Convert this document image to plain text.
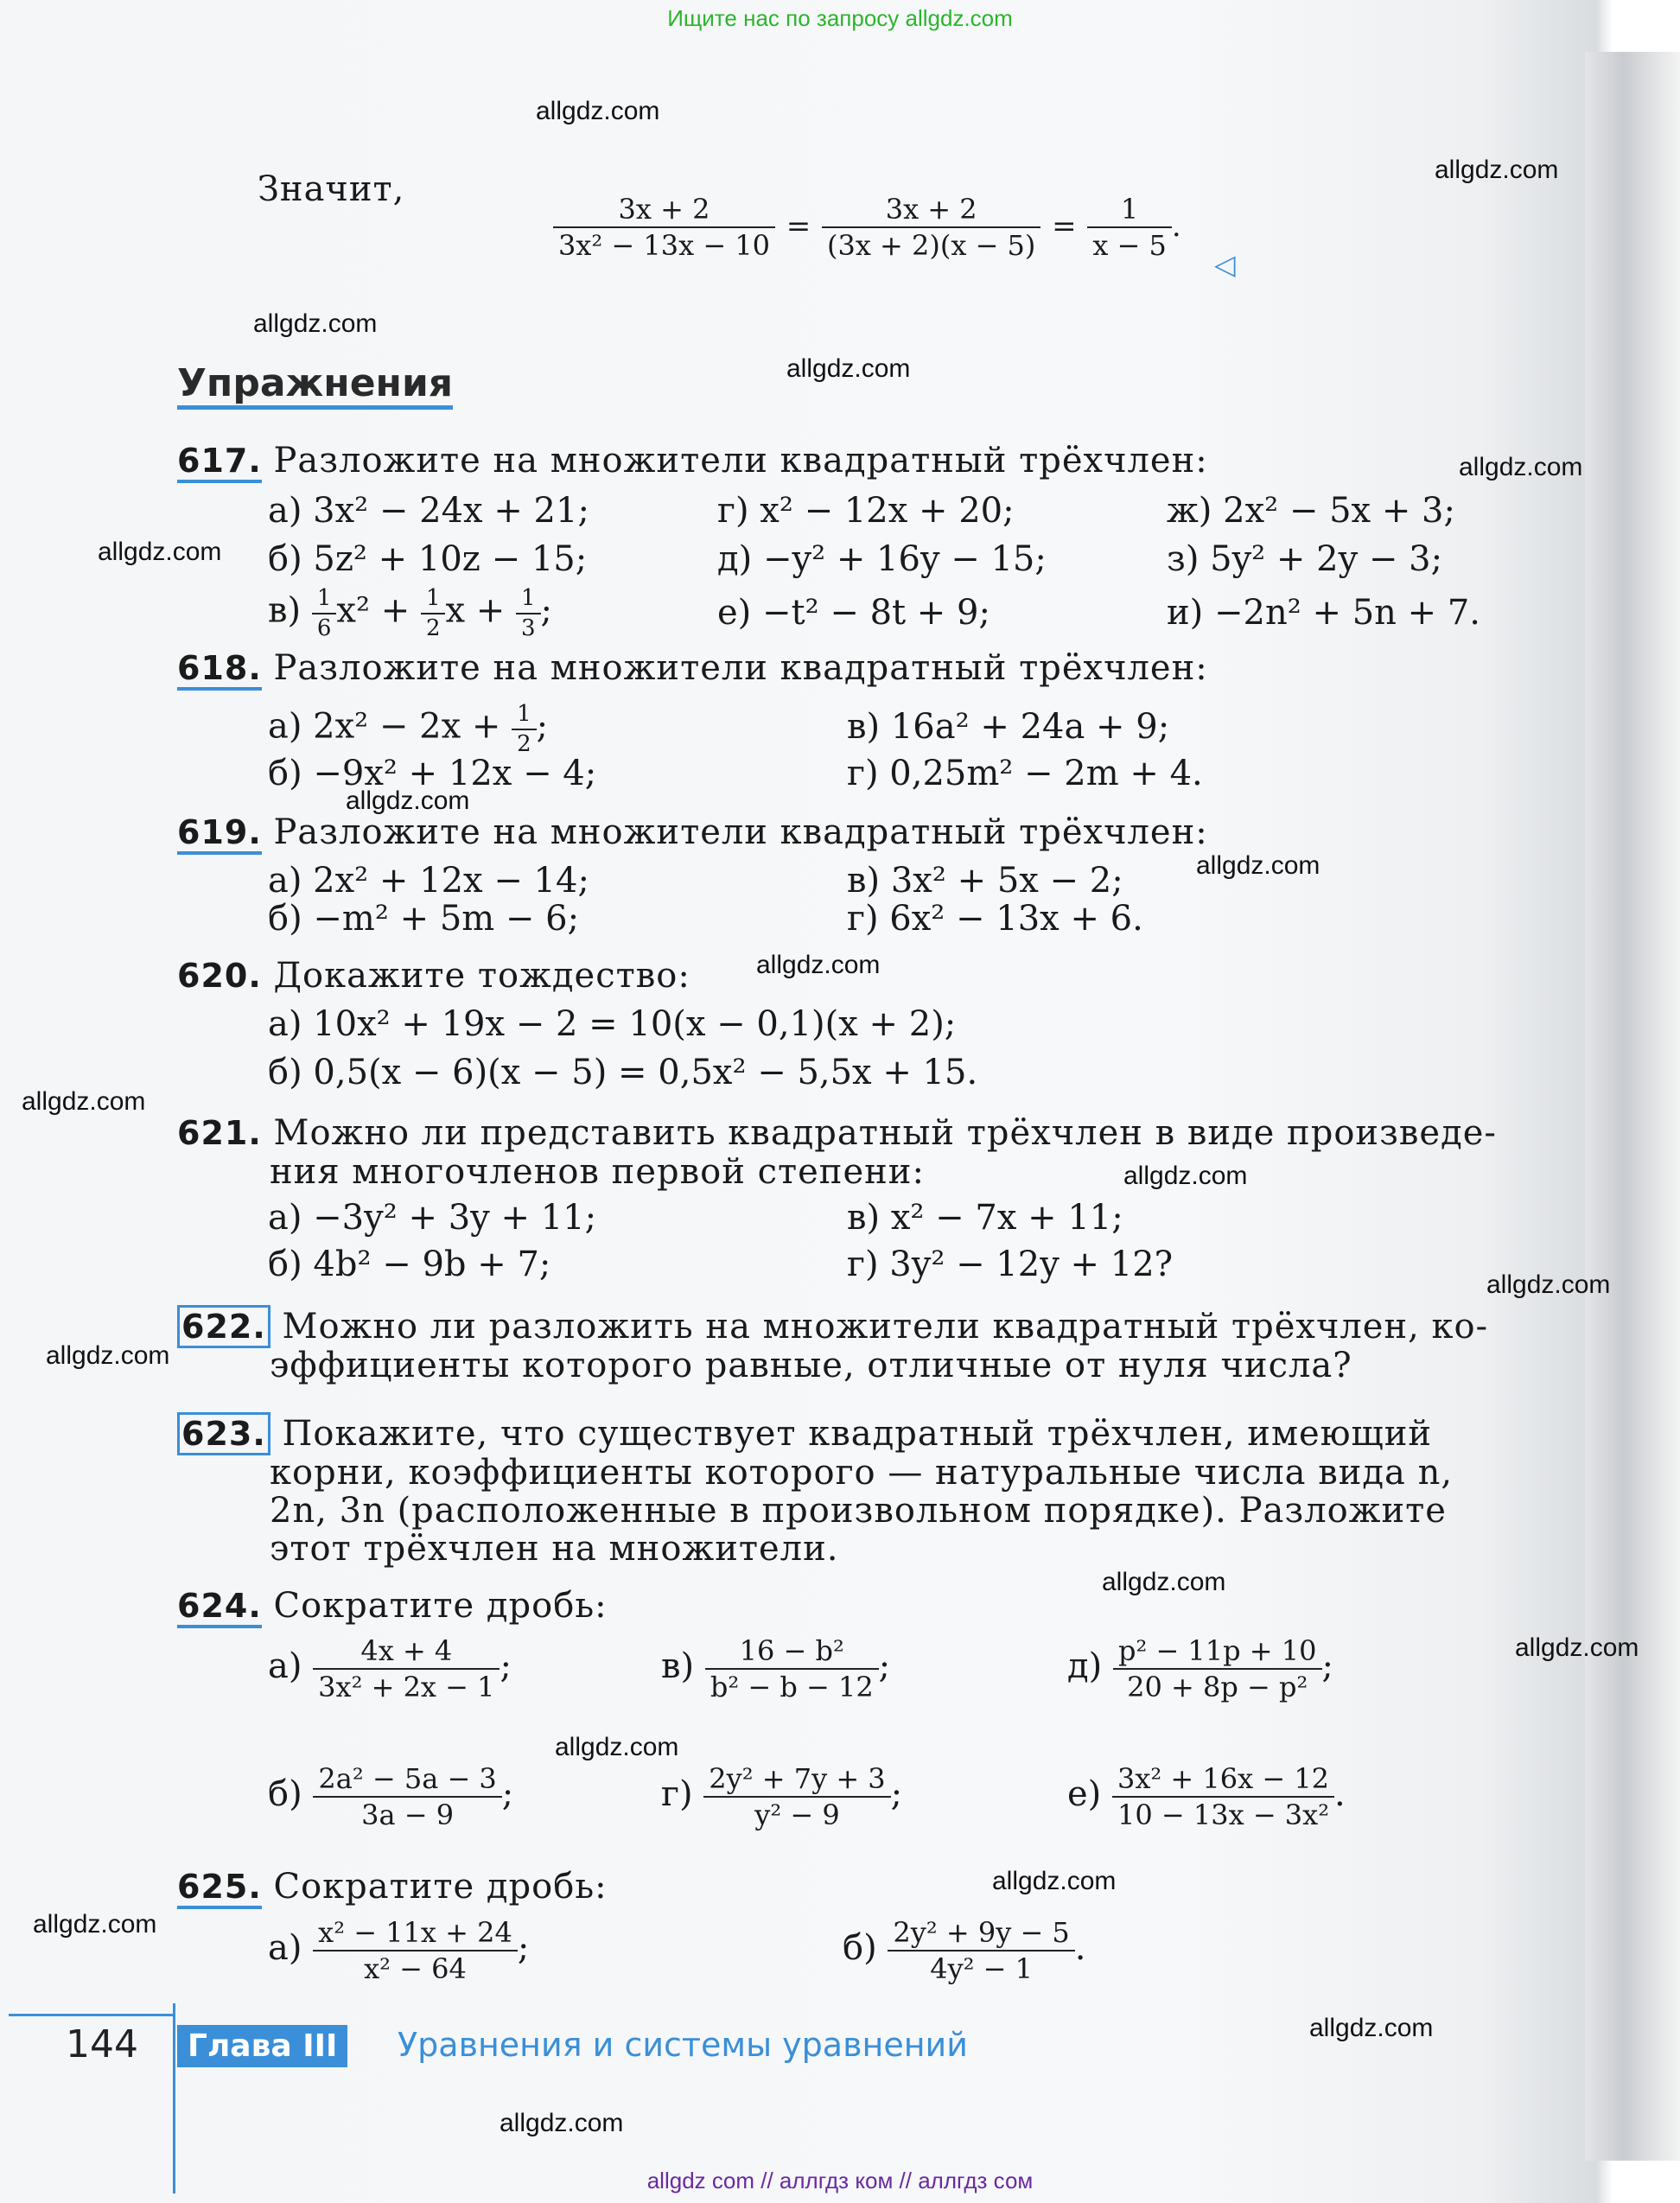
Ищите нас по запросу allgdz.com
allgdz.com
allgdz.com
allgdz.com
allgdz.com
allgdz.com
allgdz.com
allgdz.com
allgdz.com
allgdz.com
allgdz.com
allgdz.com
allgdz.com
allgdz.com
allgdz.com
allgdz.com
allgdz.com
allgdz.com
allgdz.com
allgdz.com
allgdz.com
Значит,
$\frac{3x + 2}{\text{3x² − 13x − 10}} = \frac{3x + 2}{(3x + 2)(x - 5)} = \frac{1}{x - 5}$ .
◁
Упражнения
617. Разложите на множители квадратный трёхчлен:
а) 3x² − 24x + 21;	г) x² − 12x + 20;	ж) 2x² − 5x + 3;
б) 5z² + 10z − 15;	д) −y² + 16y − 15;	з) 5y² + 2y − 3;
$в) \frac{1}{6} x^2 + \frac{1}{2}$ $x + \frac{1}{3}$ ;	е) −t² − 8t + 9;	и) −2n² + 5n + 7.
618. Разложите на множители квадратный трёхчлен:
а) $2x^2 - 2x + \frac{1}{2}$ ;	в) 16a² + 24a + 9;
б) −9x² + 12x − 4;	г) 0,25m² − 2m + 4.
619. Разложите на множители квадратный трёхчлен:
а) 2x² + 12x − 14;	в) 3x² + 5x − 2;
б) −m² + 5m − 6;	г) 6x² − 13x + 6.
620. Докажите тождество:
а) 10x² + 19x − 2 = 10(x − 0,1)(x + 2);
б) 0,5(x − 6)(x − 5) = 0,5x² − 5,5x + 15.
621. Можно ли представить квадратный трёхчлен в виде произведе-
ния многочленов первой степени:
а) −3y² + 3y + 11;	в) x² − 7x + 11;
б) 4b² − 9b + 7;	г) 3y² − 12y + 12?
622. Можно ли разложить на множители квадратный трёхчлен, ко-
эффициенты которого равные, отличные от нуля числа?
623. Покажите, что существует квадратный трёхчлен, имеющий
корни, коэффициенты которого — натуральные числа вида n,
2n, 3n (расположенные в произвольном порядке). Разложите
этот трёхчлен на множители.
624. Сократите дробь:
$а) \frac{4x + 4}{\text{3x² + 2x − 1}}$ ;	$в) \frac{\text{16 − b²}}{\text{b² − b − 12}}$ ;	$д) \frac{\text{p² − 11p + 10}}{\text{20 + 8p − p²}}$ ;
$б) \frac{\text{2a² − 5a − 3}}{3a - 9}$ ;	$г) \frac{\text{2y² + 7y + 3}}{\text{y² − 9}}$ ;	$е) \frac{\text{3x² + 16x − 12}}{\text{10 − 13x − 3x²}}$ .
625. Сократите дробь:
$а) \frac{\text{x² − 11x + 24}}{\text{x² − 64}}$ ;	$б) \frac{\text{2y² + 9y − 5}}{\text{4y² − 1}}$ .
144	Глава III	Уравнения и системы уравнений
allgdz com // аллгдз ком // аллгдз сом
